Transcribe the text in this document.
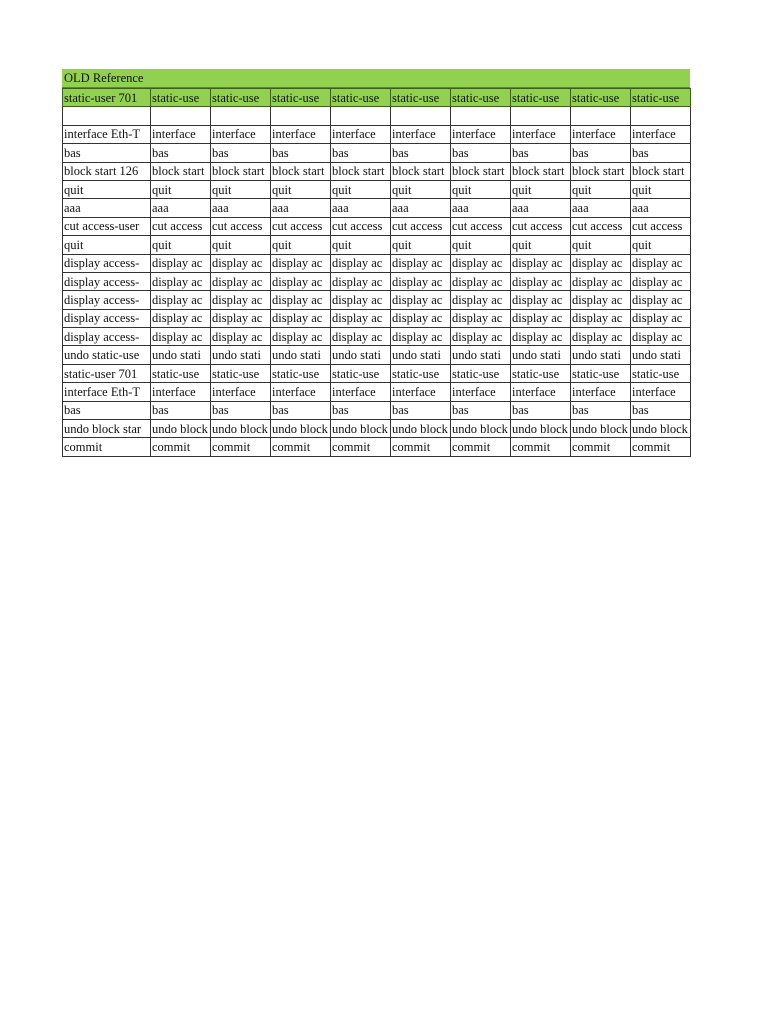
OLD Reference
static-user 701	static-use	static-use	static-use	static-use	static-use	static-use	static-use	static-use	static-use

interface Eth-T	interface	interface	interface	interface	interface	interface	interface	interface	interface
bas	bas	bas	bas	bas	bas	bas	bas	bas	bas
block start 126	block start	block start	block start	block start	block start	block start	block start	block start	block start
quit	quit	quit	quit	quit	quit	quit	quit	quit	quit
aaa	aaa	aaa	aaa	aaa	aaa	aaa	aaa	aaa	aaa
cut access-user	cut access	cut access	cut access	cut access	cut access	cut access	cut access	cut access	cut access
quit	quit	quit	quit	quit	quit	quit	quit	quit	quit
display access-	display ac	display ac	display ac	display ac	display ac	display ac	display ac	display ac	display ac
display access-	display ac	display ac	display ac	display ac	display ac	display ac	display ac	display ac	display ac
display access-	display ac	display ac	display ac	display ac	display ac	display ac	display ac	display ac	display ac
display access-	display ac	display ac	display ac	display ac	display ac	display ac	display ac	display ac	display ac
display access-	display ac	display ac	display ac	display ac	display ac	display ac	display ac	display ac	display ac
undo static-use	undo stati	undo stati	undo stati	undo stati	undo stati	undo stati	undo stati	undo stati	undo stati
static-user 701	static-use	static-use	static-use	static-use	static-use	static-use	static-use	static-use	static-use
interface Eth-T	interface	interface	interface	interface	interface	interface	interface	interface	interface
bas	bas	bas	bas	bas	bas	bas	bas	bas	bas
undo block star	undo block	undo block	undo block	undo block	undo block	undo block	undo block	undo block	undo block
commit	commit	commit	commit	commit	commit	commit	commit	commit	commit
